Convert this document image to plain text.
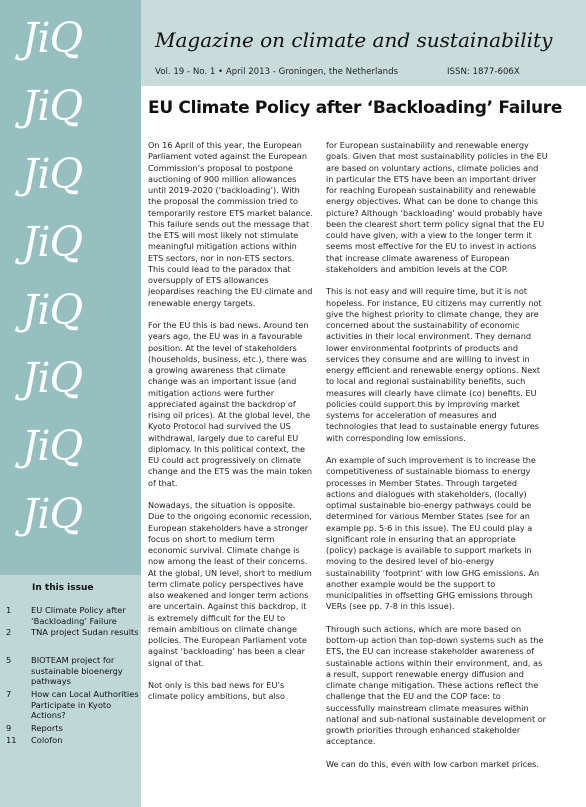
JiQ
JiQ
JiQ
JiQ
JiQ
JiQ
JiQ
JiQ
Magazine on climate and sustainability
Vol. 19 - No. 1 • April 2013 - Groningen, the Netherlands	ISSN: 1877-606X
EU Climate Policy after ‘Backloading’ Failure

On 16 April of this year, the European Parliament voted against the European Commission’s proposal to postpone auctioning of 900 million allowances until 2019-2020 (‘backloading’). With the proposal the commission tried to temporarily restore ETS market balance. This failure sends out the message that the ETS will most likely not stimulate meaningful mitigation actions within ETS sectors, nor in non-ETS sectors. This could lead to the paradox that oversupply of ETS allowances jeopardises reaching the EU climate and renewable energy targets.

For the EU this is bad news. Around ten years ago, the EU was in a favourable position. At the level of stakeholders (households, business, etc.), there was a growing awareness that climate change was an important issue (and mitigation actions were further appreciated against the backdrop of rising oil prices). At the global level, the Kyoto Protocol had survived the US withdrawal, largely due to careful EU diplomacy. In this political context, the EU could act progressively on climate change and the ETS was the main token of that.

Nowadays, the situation is opposite. Due to the ongoing economic recession, European stakeholders have a stronger focus on short to medium term economic survival. Climate change is now among the least of their concerns. At the global, UN level, short to medium term climate policy perspectives have also weakened and longer term actions are uncertain. Against this backdrop, it is extremely difficult for the EU to remain ambitious on climate change policies. The European Parliament vote against ‘backloading’ has been a clear signal of that.

Not only is this bad news for EU’s climate policy ambitions, but also

for European sustainability and renewable energy goals. Given that most sustainability policies in the EU are based on voluntary actions, climate policies and in particular the ETS have been an important driver for reaching European sustainability and renewable energy objectives. What can be done to change this picture? Although ‘backloading’ would probably have been the clearest short term policy signal that the EU could have given, with a view to the longer term it seems most effective for the EU to invest in actions that increase climate awareness of European stakeholders and ambition levels at the COP.

This is not easy and will require time, but it is not hopeless. For instance, EU citizens may currently not give the highest priority to climate change, they are concerned about the sustainability of economic activities in their local environment. They demand lower environmental footprints of products and services they consume and are willing to invest in energy efficient and renewable energy options. Next to local and regional sustainability benefits, such measures will clearly have climate (co) benefits. EU policies could support this by improving market systems for acceleration of measures and technologies that lead to sustainable energy futures with corresponding low emissions.

An example of such improvement is to increase the competitiveness of sustainable biomass to energy processes in Member States. Through targeted actions and dialogues with stakeholders, (locally) optimal sustainable bio-energy pathways could be determined for various Member States (see for an example pp. 5-6 in this issue). The EU could play a significant role in ensuring that an appropriate (policy) package is available to support markets in moving to the desired level of bio-energy sustainability ‘footprint’ with low GHG emissions. An another example would be the support to municipalities in offsetting GHG emissions through VERs (see pp. 7-8 in this issue).

Through such actions, which are more based on bottom-up action than top-down systems such as the ETS, the EU can increase stakeholder awareness of sustainable actions within their environment, and, as a result, support renewable energy diffusion and climate change mitigation. These actions reflect the challenge that the EU and the COP face: to successfully mainstream climate measures within national and sub-national sustainable development or growth priorities through enhanced stakeholder acceptance.

We can do this, even with low carbon market prices.

In this issue
1	EU Climate Policy after ‘Backloading’ Failure
2	TNA project Sudan results
5	BIOTEAM project for sustainable bioenergy pathways
7	How can Local Authorities Participate in Kyoto Actions?
9	Reports
11	Colofon
